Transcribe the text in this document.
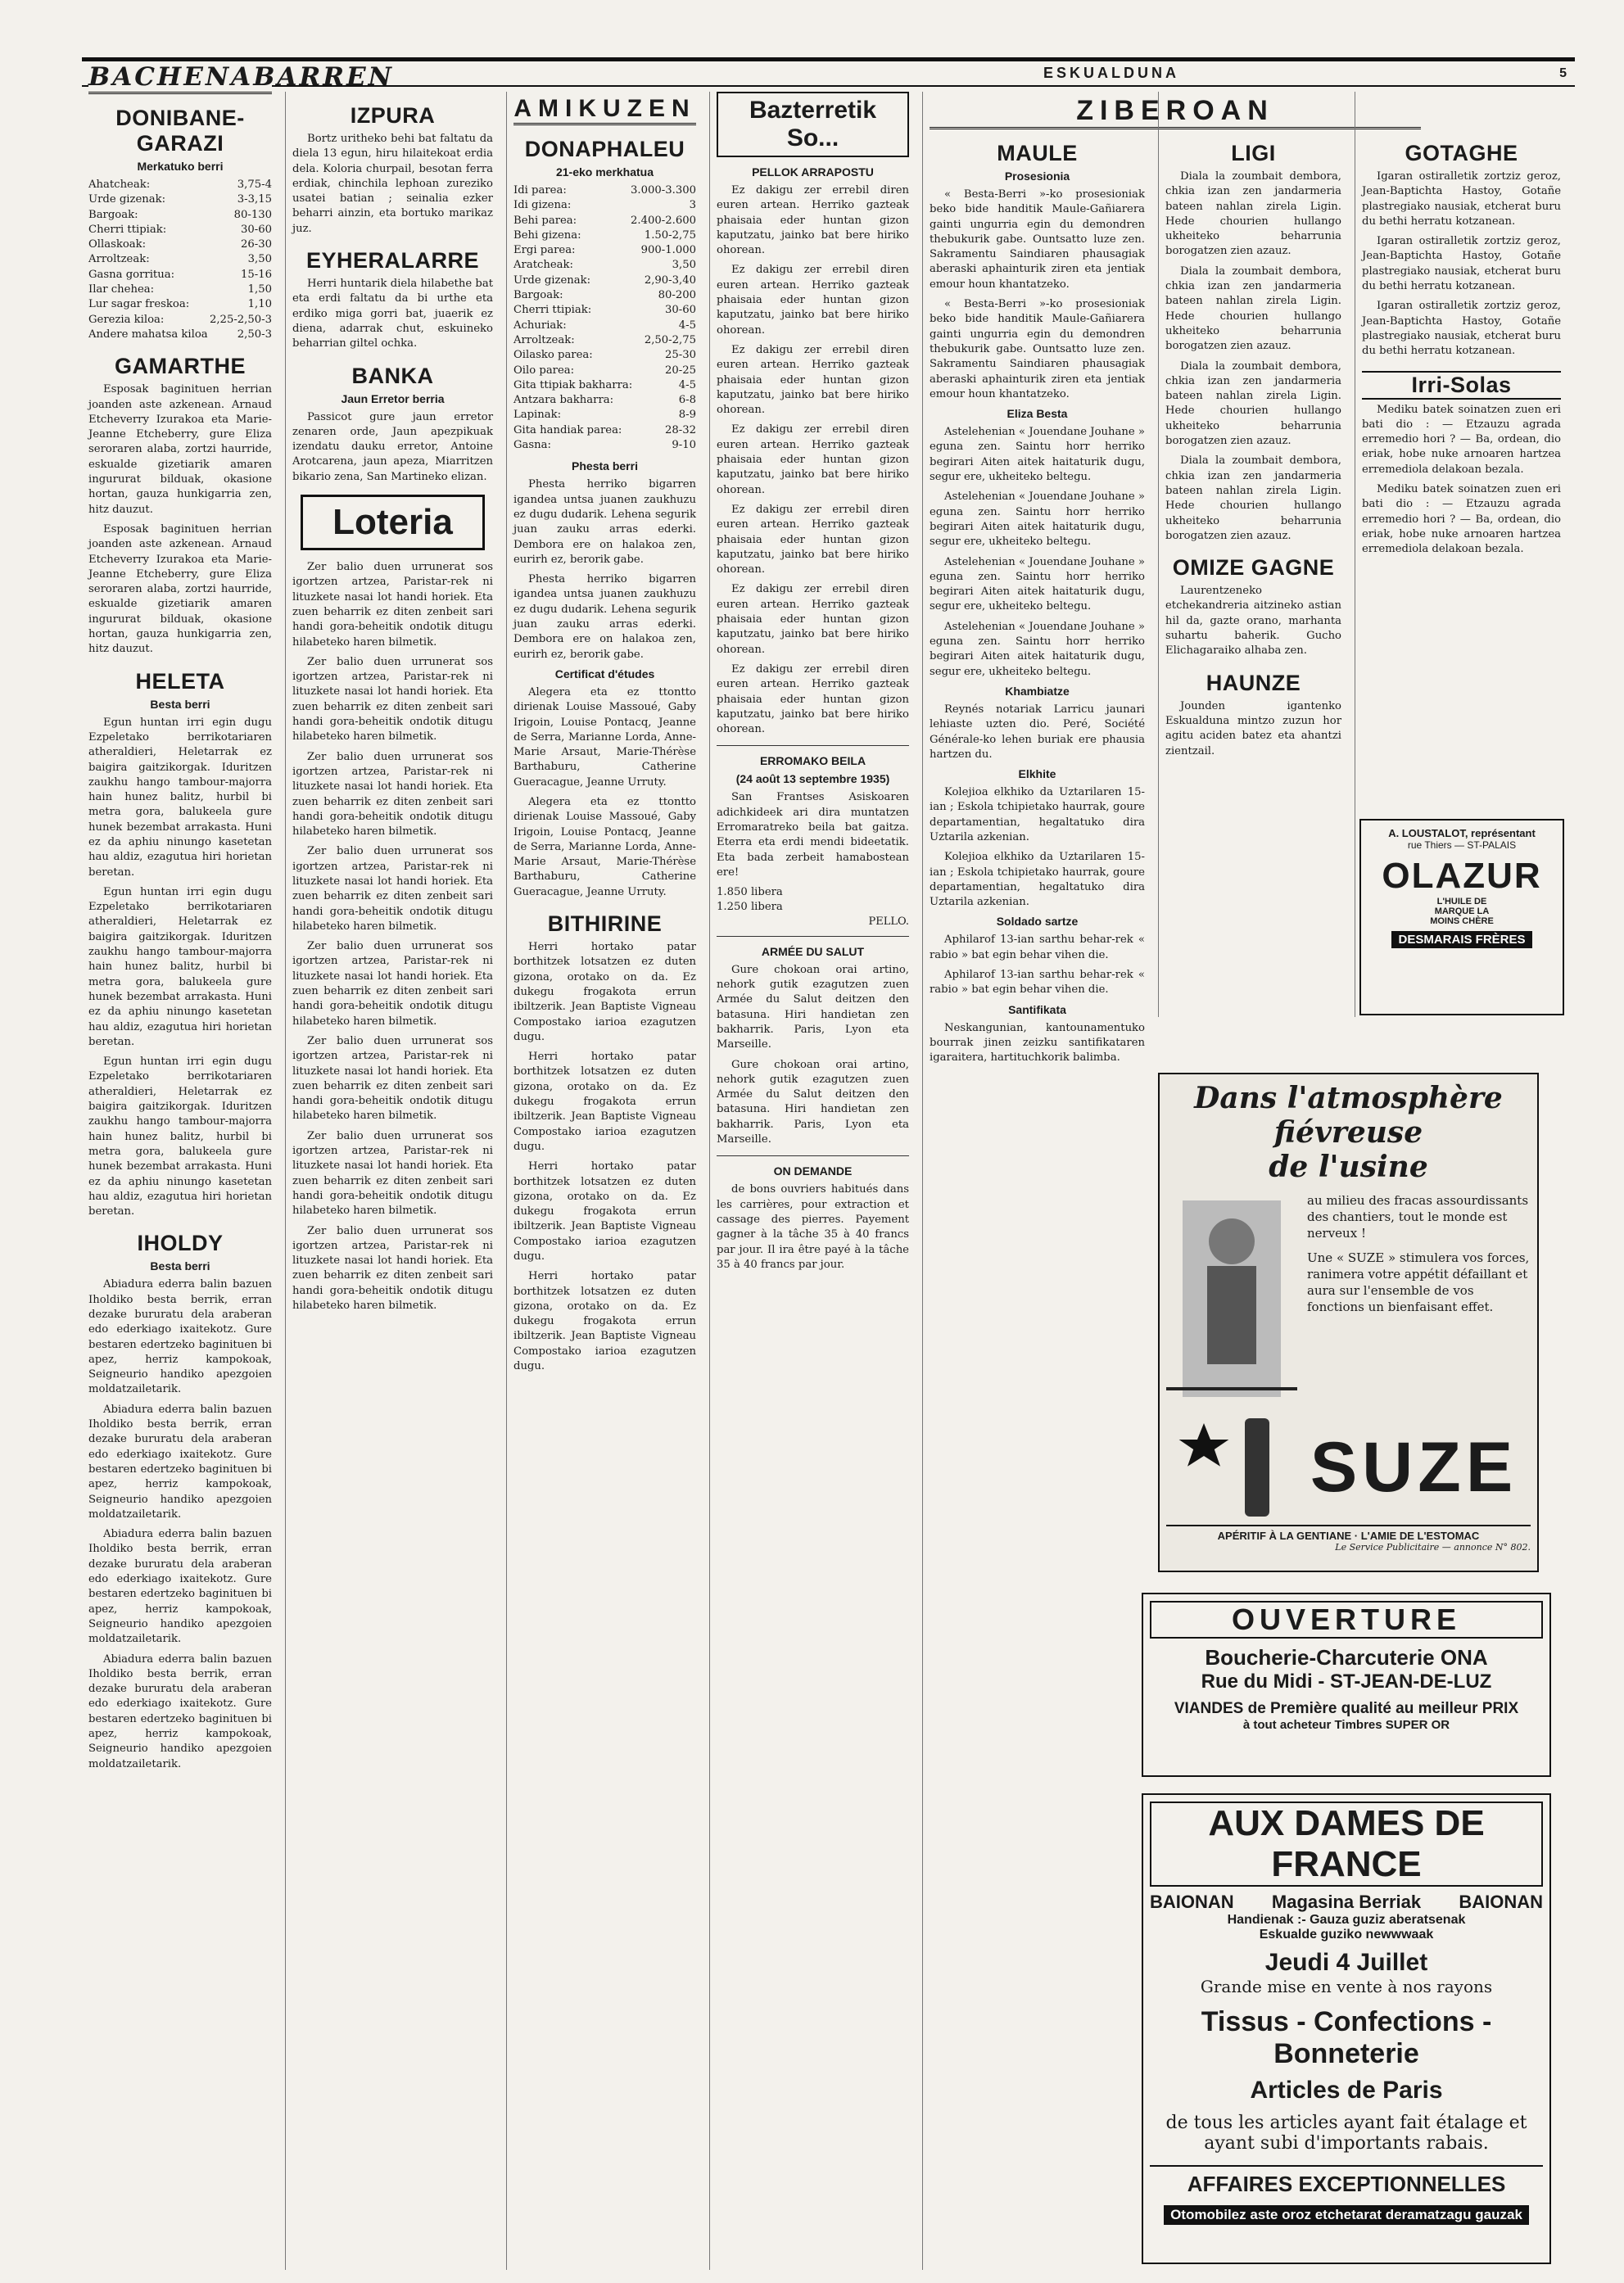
ESKUALDUNA	5
BACHENABARREN
DONIBANE-GARAZI
Merkatuko berri
Ahatcheak:	3,75-4
Urde gizenak:	3-3,15
Bargoak:	80-130
Cherri ttipiak:	30-60
Ollaskoak:	26-30
Arroltzeak:	3,50
Gasna gorritua:	15-16
Ilar chehea:	1,50
Lur sagar freskoa:	1,10
Gerezia kiloa:	2,25-2,50-3
Andere mahatsa kiloa	2,50-3
GAMARTHE

Esposak baginituen herrian joanden aste azkenean. Arnaud Etcheverry Izurakoa eta Marie-Jeanne Etcheberry, gure Eliza seroraren alaba, zortzi haurride, eskualde gizetiarik amaren ingururat bilduak, okasione hortan, gauza hunkigarria zen, hitz dauzut.

Esposak baginituen herrian joanden aste azkenean. Arnaud Etcheverry Izurakoa eta Marie-Jeanne Etcheberry, gure Eliza seroraren alaba, zortzi haurride, eskualde gizetiarik amaren ingururat bilduak, okasione hortan, gauza hunkigarria zen, hitz dauzut.

HELETA
Besta berri

Egun huntan irri egin dugu Ezpeletako berrikotariaren atheraldieri, Heletarrak ez baigira gaitzikorgak. Iduritzen zaukhu hango tambour-majorra hain hunez balitz, hurbil bi metra gora, balukeela gure hunek bezembat arrakasta. Huni ez da aphiu ninungo kasetetan hau aldiz, ezagutua hiri horietan beretan.

Egun huntan irri egin dugu Ezpeletako berrikotariaren atheraldieri, Heletarrak ez baigira gaitzikorgak. Iduritzen zaukhu hango tambour-majorra hain hunez balitz, hurbil bi metra gora, balukeela gure hunek bezembat arrakasta. Huni ez da aphiu ninungo kasetetan hau aldiz, ezagutua hiri horietan beretan.

Egun huntan irri egin dugu Ezpeletako berrikotariaren atheraldieri, Heletarrak ez baigira gaitzikorgak. Iduritzen zaukhu hango tambour-majorra hain hunez balitz, hurbil bi metra gora, balukeela gure hunek bezembat arrakasta. Huni ez da aphiu ninungo kasetetan hau aldiz, ezagutua hiri horietan beretan.

IHOLDY
Besta berri

Abiadura ederra balin bazuen Iholdiko besta berrik, erran dezake bururatu dela araberan edo ederkiago ixaitekotz. Gure bestaren edertzeko baginituen bi apez, herriz kampokoak, Seigneurio handiko apezgoien moldatzailetarik.

Abiadura ederra balin bazuen Iholdiko besta berrik, erran dezake bururatu dela araberan edo ederkiago ixaitekotz. Gure bestaren edertzeko baginituen bi apez, herriz kampokoak, Seigneurio handiko apezgoien moldatzailetarik.

Abiadura ederra balin bazuen Iholdiko besta berrik, erran dezake bururatu dela araberan edo ederkiago ixaitekotz. Gure bestaren edertzeko baginituen bi apez, herriz kampokoak, Seigneurio handiko apezgoien moldatzailetarik.

Abiadura ederra balin bazuen Iholdiko besta berrik, erran dezake bururatu dela araberan edo ederkiago ixaitekotz. Gure bestaren edertzeko baginituen bi apez, herriz kampokoak, Seigneurio handiko apezgoien moldatzailetarik.

IZPURA

Bortz uritheko behi bat faltatu da diela 13 egun, hiru hilaitekoat erdia dela. Koloria churpail, besotan ferra erdiak, chinchila lephoan zureziko usatei batian ; seinalia ezker beharri ainzin, eta bortuko marikaz juz.

EYHERALARRE

Herri huntarik diela hilabethe bat eta erdi faltatu da bi urthe eta erdiko miga gorri bat, juaerik ez diena, adarrak chut, eskuineko beharrian giltel ochka.

BANKA
Jaun Erretor berria

Passicot gure jaun erretor zenaren orde, Jaun apezpikuak izendatu dauku erretor, Antoine Arotcarena, jaun apeza, Miarritzen bikario zena, San Martineko elizan.

Loteria

Zer balio duen urrunerat sos igortzen artzea, Paristar-rek ni lituzkete nasai lot handi horiek. Eta zuen beharrik ez diten zenbeit sari handi gora-beheitik ondotik ditugu hilabeteko haren bilmetik.

Zer balio duen urrunerat sos igortzen artzea, Paristar-rek ni lituzkete nasai lot handi horiek. Eta zuen beharrik ez diten zenbeit sari handi gora-beheitik ondotik ditugu hilabeteko haren bilmetik.

Zer balio duen urrunerat sos igortzen artzea, Paristar-rek ni lituzkete nasai lot handi horiek. Eta zuen beharrik ez diten zenbeit sari handi gora-beheitik ondotik ditugu hilabeteko haren bilmetik.

Zer balio duen urrunerat sos igortzen artzea, Paristar-rek ni lituzkete nasai lot handi horiek. Eta zuen beharrik ez diten zenbeit sari handi gora-beheitik ondotik ditugu hilabeteko haren bilmetik.

Zer balio duen urrunerat sos igortzen artzea, Paristar-rek ni lituzkete nasai lot handi horiek. Eta zuen beharrik ez diten zenbeit sari handi gora-beheitik ondotik ditugu hilabeteko haren bilmetik.

Zer balio duen urrunerat sos igortzen artzea, Paristar-rek ni lituzkete nasai lot handi horiek. Eta zuen beharrik ez diten zenbeit sari handi gora-beheitik ondotik ditugu hilabeteko haren bilmetik.

Zer balio duen urrunerat sos igortzen artzea, Paristar-rek ni lituzkete nasai lot handi horiek. Eta zuen beharrik ez diten zenbeit sari handi gora-beheitik ondotik ditugu hilabeteko haren bilmetik.

Zer balio duen urrunerat sos igortzen artzea, Paristar-rek ni lituzkete nasai lot handi horiek. Eta zuen beharrik ez diten zenbeit sari handi gora-beheitik ondotik ditugu hilabeteko haren bilmetik.

AMIKUZEN
DONAPHALEU
21-eko merkhatua
Idi parea:	3.000-3.300
Idi gizena:	3
Behi parea:	2.400-2.600
Behi gizena:	1.50-2,75
Ergi parea:	900-1.000
Aratcheak:	3,50
Urde gizenak:	2,90-3,40
Bargoak:	80-200
Cherri ttipiak:	30-60
Achuriak:	4-5
Arroltzeak:	2,50-2,75
Oilasko parea:	25-30
Oilo parea:	20-25
Gita ttipiak bakharra:	4-5
Antzara bakharra:	6-8
Lapinak:	8-9
Gita handiak parea:	28-32
Gasna:	9-10
Phesta berri

Phesta herriko bigarren igandea untsa juanen zaukhuzu ez dugu dudarik. Lehena segurik juan zauku arras ederki. Dembora ere on halakoa zen, eurirh ez, berorik gabe.

Phesta herriko bigarren igandea untsa juanen zaukhuzu ez dugu dudarik. Lehena segurik juan zauku arras ederki. Dembora ere on halakoa zen, eurirh ez, berorik gabe.

Certificat d'études

Alegera eta ez ttontto dirienak Louise Massoué, Gaby Irigoin, Louise Pontacq, Jeanne de Serra, Marianne Lorda, Anne-Marie Arsaut, Marie-Thérèse Barthaburu, Catherine Gueracague, Jeanne Urruty.

Alegera eta ez ttontto dirienak Louise Massoué, Gaby Irigoin, Louise Pontacq, Jeanne de Serra, Marianne Lorda, Anne-Marie Arsaut, Marie-Thérèse Barthaburu, Catherine Gueracague, Jeanne Urruty.

BITHIRINE

Herri hortako patar borthitzek lotsatzen ez duten gizona, orotako on da. Ez dukegu frogakota errun ibiltzerik. Jean Baptiste Vigneau Compostako iarioa ezagutzen dugu.

Herri hortako patar borthitzek lotsatzen ez duten gizona, orotako on da. Ez dukegu frogakota errun ibiltzerik. Jean Baptiste Vigneau Compostako iarioa ezagutzen dugu.

Herri hortako patar borthitzek lotsatzen ez duten gizona, orotako on da. Ez dukegu frogakota errun ibiltzerik. Jean Baptiste Vigneau Compostako iarioa ezagutzen dugu.

Herri hortako patar borthitzek lotsatzen ez duten gizona, orotako on da. Ez dukegu frogakota errun ibiltzerik. Jean Baptiste Vigneau Compostako iarioa ezagutzen dugu.

Bazterretik So...
PELLOK ARRAPOSTU

Ez dakigu zer errebil diren euren artean. Herriko gazteak phaisaia eder huntan gizon kaputzatu, jainko bat bere hiriko ohorean.

Ez dakigu zer errebil diren euren artean. Herriko gazteak phaisaia eder huntan gizon kaputzatu, jainko bat bere hiriko ohorean.

Ez dakigu zer errebil diren euren artean. Herriko gazteak phaisaia eder huntan gizon kaputzatu, jainko bat bere hiriko ohorean.

Ez dakigu zer errebil diren euren artean. Herriko gazteak phaisaia eder huntan gizon kaputzatu, jainko bat bere hiriko ohorean.

Ez dakigu zer errebil diren euren artean. Herriko gazteak phaisaia eder huntan gizon kaputzatu, jainko bat bere hiriko ohorean.

Ez dakigu zer errebil diren euren artean. Herriko gazteak phaisaia eder huntan gizon kaputzatu, jainko bat bere hiriko ohorean.

Ez dakigu zer errebil diren euren artean. Herriko gazteak phaisaia eder huntan gizon kaputzatu, jainko bat bere hiriko ohorean.

ERROMAKO BEILA
(24 août 13 septembre 1935)

San Frantses Asiskoaren adichkideek ari dira muntatzen Erromaratreko beila bat gaitza. Eterra eta erdi mendi bideetatik. Eta bada zerbeit hamabostean ere!

1.850 libera
1.250 libera
PELLO.
ARMÉE DU SALUT

Gure chokoan orai artino, nehork gutik ezagutzen zuen Armée du Salut deitzen den batasuna. Hiri handietan zen bakharrik. Paris, Lyon eta Marseille.

Gure chokoan orai artino, nehork gutik ezagutzen zuen Armée du Salut deitzen den batasuna. Hiri handietan zen bakharrik. Paris, Lyon eta Marseille.

ON DEMANDE

de bons ouvriers habitués dans les carrières, pour extraction et cassage des pierres. Payement gagner à la tâche 35 à 40 francs par jour. Il ira être payé à la tâche 35 à 40 francs par jour.

ZIBEROAN
MAULE
Prosesionia

« Besta-Berri »-ko prosesioniak beko bide handitik Maule-Gañiarera gainti ungurria egin du demondren thebukurik gabe. Ountsatto luze zen. Sakramentu Saindiaren phausagiak aberaski aphainturik ziren eta jentiak emour houn khantatzeko.

« Besta-Berri »-ko prosesioniak beko bide handitik Maule-Gañiarera gainti ungurria egin du demondren thebukurik gabe. Ountsatto luze zen. Sakramentu Saindiaren phausagiak aberaski aphainturik ziren eta jentiak emour houn khantatzeko.

Eliza Besta

Astelehenian « Jouendane Jouhane » eguna zen. Saintu horr herriko begirari Aiten aitek haitaturik dugu, segur ere, ukheiteko beltegu.

Astelehenian « Jouendane Jouhane » eguna zen. Saintu horr herriko begirari Aiten aitek haitaturik dugu, segur ere, ukheiteko beltegu.

Astelehenian « Jouendane Jouhane » eguna zen. Saintu horr herriko begirari Aiten aitek haitaturik dugu, segur ere, ukheiteko beltegu.

Astelehenian « Jouendane Jouhane » eguna zen. Saintu horr herriko begirari Aiten aitek haitaturik dugu, segur ere, ukheiteko beltegu.

Khambiatze

Reynés notariak Larricu jaunari lehiaste uzten dio. Peré, Société Générale-ko lehen buriak ere phausia hartzen du.

Elkhite

Kolejioa elkhiko da Uztarilaren 15-ian ; Eskola tchipietako haurrak, goure departamentian, hegaltatuko dira Uztarila azkenian.

Kolejioa elkhiko da Uztarilaren 15-ian ; Eskola tchipietako haurrak, goure departamentian, hegaltatuko dira Uztarila azkenian.

Soldado sartze

Aphilarof 13-ian sarthu behar-rek « rabio » bat egin behar vihen die.

Aphilarof 13-ian sarthu behar-rek « rabio » bat egin behar vihen die.

Santifikata

Neskangunian, kantounamentuko bourrak jinen zeizku santifikataren igaraitera, hartituchkorik balimba.

LIGI

Diala la zoumbait dembora, chkia izan zen jandarmeria bateen nahlan zirela Ligin. Hede chourien hullango ukheiteko beharrunia borogatzen zien azauz.

Diala la zoumbait dembora, chkia izan zen jandarmeria bateen nahlan zirela Ligin. Hede chourien hullango ukheiteko beharrunia borogatzen zien azauz.

Diala la zoumbait dembora, chkia izan zen jandarmeria bateen nahlan zirela Ligin. Hede chourien hullango ukheiteko beharrunia borogatzen zien azauz.

Diala la zoumbait dembora, chkia izan zen jandarmeria bateen nahlan zirela Ligin. Hede chourien hullango ukheiteko beharrunia borogatzen zien azauz.

OMIZE GAGNE

Laurentzeneko etchekandreria aitzineko astian hil da, gazte orano, marhanta suhartu baherik. Gucho Elichagaraiko alhaba zen.

HAUNZE

Jounden igantenko Eskualduna mintzo zuzun hor agitu aciden batez eta ahantzi zientzail.

GOTAGHE

Igaran ostiralletik zortziz geroz, Jean-Baptichta Hastoy, Gotañe plastregiako nausiak, etcherat buru du bethi herratu kotzanean.

Igaran ostiralletik zortziz geroz, Jean-Baptichta Hastoy, Gotañe plastregiako nausiak, etcherat buru du bethi herratu kotzanean.

Igaran ostiralletik zortziz geroz, Jean-Baptichta Hastoy, Gotañe plastregiako nausiak, etcherat buru du bethi herratu kotzanean.

Irri-Solas

Mediku batek soinatzen zuen eri bati dio : — Etzauzu agrada erremedio hori ? — Ba, ordean, dio eriak, hobe nuke arnoaren hartzea erremediola delakoan bezala.

Mediku batek soinatzen zuen eri bati dio : — Etzauzu agrada erremedio hori ? — Ba, ordean, dio eriak, hobe nuke arnoaren hartzea erremediola delakoan bezala.

A. LOUSTALOT, représentant
rue Thiers — ST-PALAIS
OLAZUR
L'HUILE DE
MARQUE LA
MOINS CHÈRE
DESMARAIS FRÈRES
Dans l'atmosphère
fiévreuse
de l'usine

au milieu des fracas assourdissants des chantiers, tout le monde est nerveux !

Une « SUZE » stimulera vos forces, ranimera votre appétit défaillant et aura sur l'ensemble de vos fonctions un bienfaisant effet.

SUZE
APÉRITIF À LA GENTIANE · L'AMIE DE L'ESTOMAC
Le Service Publicitaire — annonce N° 802.
OUVERTURE
Boucherie-Charcuterie ONA
Rue du Midi - ST-JEAN-DE-LUZ
VIANDES de Première qualité au meilleur PRIX
à tout acheteur Timbres SUPER OR
AUX DAMES DE FRANCE
BAIONAN Magasina Berriak BAIONAN
Handienak :- Gauza guziz aberatsenak
Eskualde guziko newwwaak
Jeudi 4 Juillet
Grande mise en vente à nos rayons
Tissus - Confections - Bonneterie
Articles de Paris
de tous les articles ayant fait étalage et
ayant subi d'importants rabais.
AFFAIRES EXCEPTIONNELLES
Otomobilez aste oroz etchetarat deramatzagu gauzak
